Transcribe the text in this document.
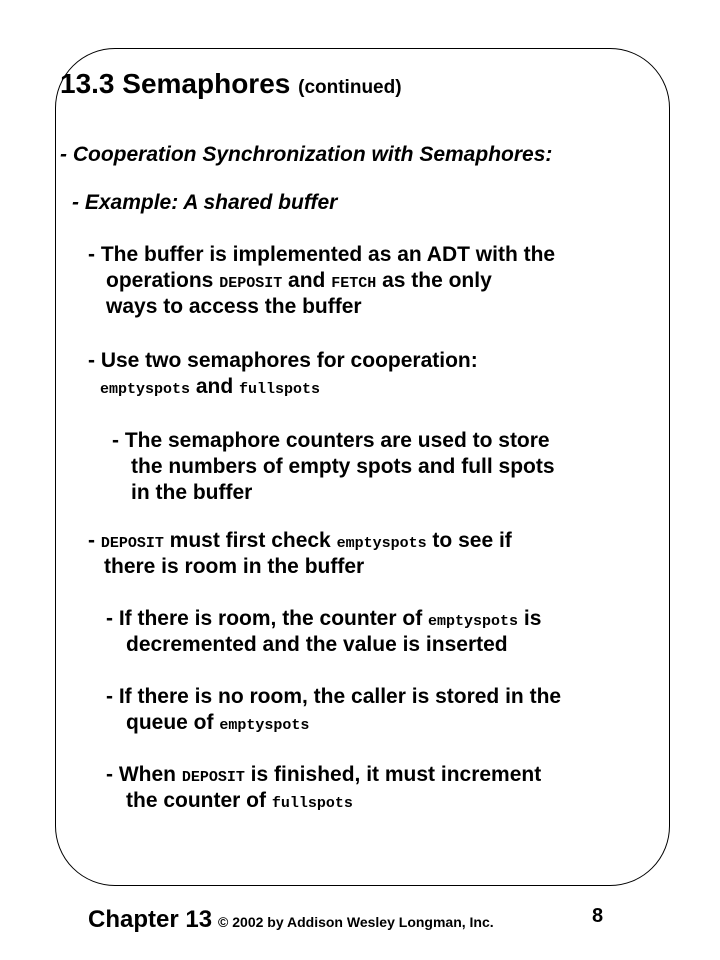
13.3 Semaphores (continued)
- Cooperation Synchronization with Semaphores:
- Example: A shared buffer
- The buffer is implemented as an ADT with the
operations DEPOSIT and FETCH as the only
ways to access the buffer
- Use two semaphores for cooperation:
emptyspots and fullspots
- The semaphore counters are used to store
the numbers of empty spots and full spots
in the buffer
- DEPOSIT must first check emptyspots to see if
there is room in the buffer
- If there is room, the counter of emptyspots is
decremented and the value is inserted
- If there is no room, the caller is stored in the
queue of emptyspots
- When DEPOSIT is finished, it must increment
the counter of fullspots
Chapter 13 © 2002 by Addison Wesley Longman, Inc.	8
